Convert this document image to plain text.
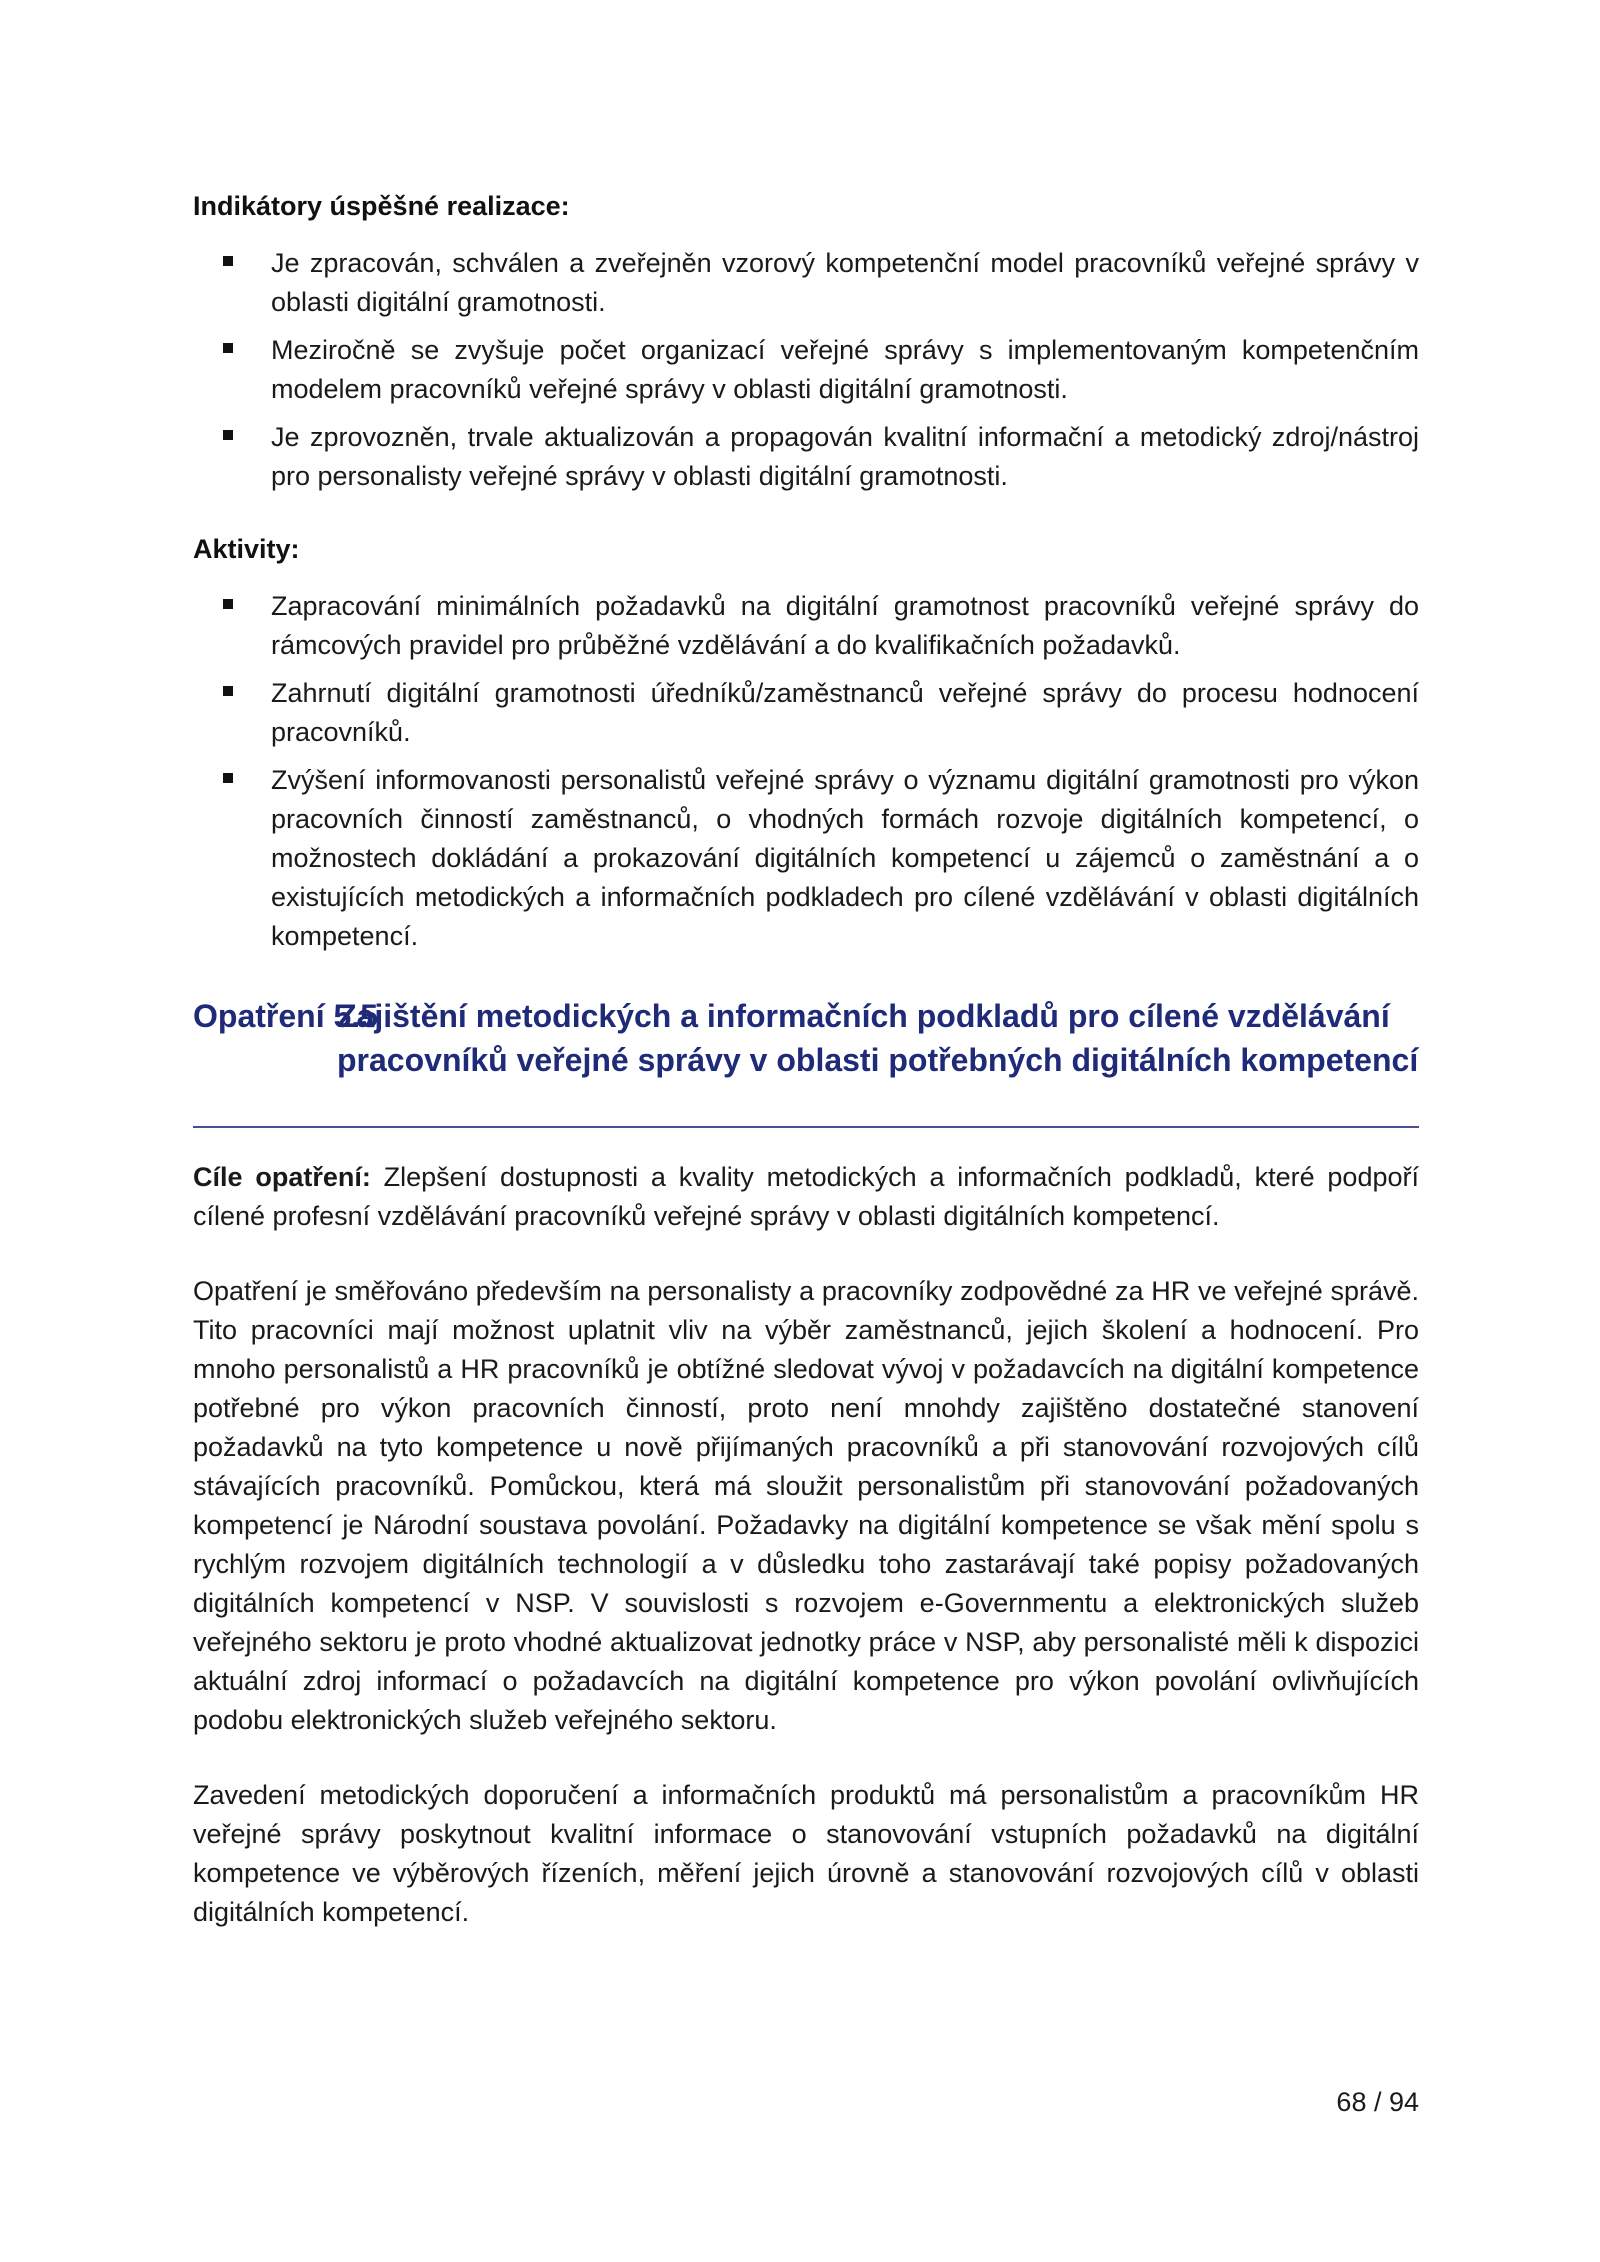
Indikátory úspěšné realizace:
Je zpracován, schválen a zveřejněn vzorový kompetenční model pracovníků veřejné správy v oblasti digitální gramotnosti.
Meziročně se zvyšuje počet organizací veřejné správy s implementovaným kompetenčním modelem pracovníků veřejné správy v oblasti digitální gramotnosti.
Je zprovozněn, trvale aktualizován a propagován kvalitní informační a metodický zdroj/nástroj pro personalisty veřejné správy v oblasti digitální gramotnosti.
Aktivity:
Zapracování minimálních požadavků na digitální gramotnost pracovníků veřejné správy do rámcových pravidel pro průběžné vzdělávání a do kvalifikačních požadavků.
Zahrnutí digitální gramotnosti úředníků/zaměstnanců veřejné správy do procesu hodnocení pracovníků.
Zvýšení informovanosti personalistů veřejné správy o významu digitální gramotnosti pro výkon pracovních činností zaměstnanců, o vhodných formách rozvoje digitálních kompetencí, o možnostech dokládání a prokazování digitálních kompetencí u zájemců o zaměstnání a o existujících metodických a informačních podkladech pro cílené vzdělávání v oblasti digitálních kompetencí.
Opatření 5.5
Zajištění metodických a informačních podkladů pro cílené vzdělávání pracovníků veřejné správy v oblasti potřebných digitálních kompetencí

Cíle opatření: Zlepšení dostupnosti a kvality metodických a informačních podkladů, které podpoří cílené profesní vzdělávání pracovníků veřejné správy v oblasti digitálních kompetencí.

Opatření je směřováno především na personalisty a pracovníky zodpovědné za HR ve veřejné správě. Tito pracovníci mají možnost uplatnit vliv na výběr zaměstnanců, jejich školení a hodnocení. Pro mnoho personalistů a HR pracovníků je obtížné sledovat vývoj v požadavcích na digitální kompetence potřebné pro výkon pracovních činností, proto není mnohdy zajištěno dostatečné stanovení požadavků na tyto kompetence u nově přijímaných pracovníků a při stanovování rozvojových cílů stávajících pracovníků. Pomůckou, která má sloužit personalistům při stanovování požadovaných kompetencí je Národní soustava povolání. Požadavky na digitální kompetence se však mění spolu s rychlým rozvojem digitálních technologií a v důsledku toho zastarávají také popisy požadovaných digitálních kompetencí v NSP. V souvislosti s rozvojem e-Governmentu a elektronických služeb veřejného sektoru je proto vhodné aktualizovat jednotky práce v NSP, aby personalisté měli k dispozici aktuální zdroj informací o požadavcích na digitální kompetence pro výkon povolání ovlivňujících podobu elektronických služeb veřejného sektoru.

Zavedení metodických doporučení a informačních produktů má personalistům a pracovníkům HR veřejné správy poskytnout kvalitní informace o stanovování vstupních požadavků na digitální kompetence ve výběrových řízeních, měření jejich úrovně a stanovování rozvojových cílů v oblasti digitálních kompetencí.

68 / 94
